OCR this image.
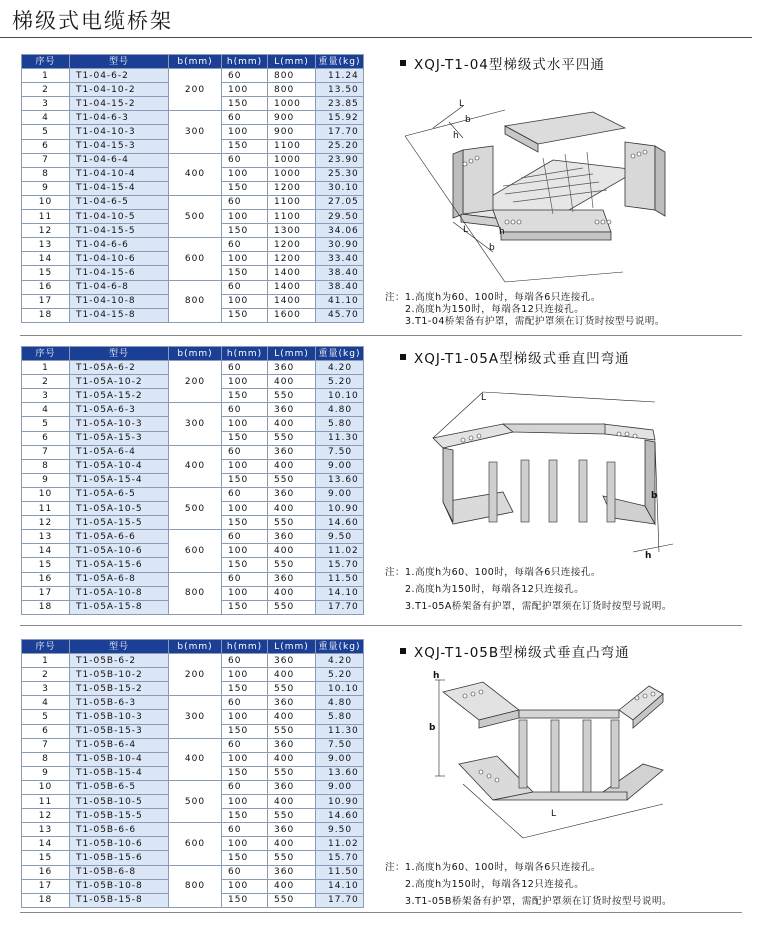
梯级式电缆桥架
序号	型号	b(mm)	h(mm)	L(mm)	重量(kg)
1	T1-04-6-2	200	60	800	11.24
2	T1-04-10-2		100	800	13.50
3	T1-04-15-2		150	1000	23.85
4	T1-04-6-3	300	60	900	15.92
5	T1-04-10-3		100	900	17.70
6	T1-04-15-3		150	1100	25.20
7	T1-04-6-4	400	60	1000	23.90
8	T1-04-10-4		100	1000	25.30
9	T1-04-15-4		150	1200	30.10
10	T1-04-6-5	500	60	1100	27.05
11	T1-04-10-5		100	1100	29.50
12	T1-04-15-5		150	1300	34.06
13	T1-04-6-6	600	60	1200	30.90
14	T1-04-10-6		100	1200	33.40
15	T1-04-15-6		150	1400	38.40
16	T1-04-6-8	800	60	1400	38.40
17	T1-04-10-8		100	1400	41.10
18	T1-04-15-8		150	1600	45.70
XQJ-T1-04型梯级式水平四通
L
b
h
L
b
h
注：1.高度h为60、100时，每端各6只连接孔。
2.高度h为150时，每端各12只连接孔。
3.T1-04桥架备有护罩，需配护罩须在订货时按型号说明。
序号	型号	b(mm)	h(mm)	L(mm)	重量(kg)
1	T1-05A-6-2	200	60	360	4.20
2	T1-05A-10-2		100	400	5.20
3	T1-05A-15-2		150	550	10.10
4	T1-05A-6-3	300	60	360	4.80
5	T1-05A-10-3		100	400	5.80
6	T1-05A-15-3		150	550	11.30
7	T1-05A-6-4	400	60	360	7.50
8	T1-05A-10-4		100	400	9.00
9	T1-05A-15-4		150	550	13.60
10	T1-05A-6-5	500	60	360	9.00
11	T1-05A-10-5		100	400	10.90
12	T1-05A-15-5		150	550	14.60
13	T1-05A-6-6	600	60	360	9.50
14	T1-05A-10-6		100	400	11.02
15	T1-05A-15-6		150	550	15.70
16	T1-05A-6-8	800	60	360	11.50
17	T1-05A-10-8		100	400	14.10
18	T1-05A-15-8		150	550	17.70
XQJ-T1-05A型梯级式垂直凹弯通
L
b
h
注：1.高度h为60、100时，每端各6只连接孔。
2.高度h为150时，每端各12只连接孔。
3.T1-05A桥架备有护罩，需配护罩须在订货时按型号说明。
序号	型号	b(mm)	h(mm)	L(mm)	重量(kg)
1	T1-05B-6-2	200	60	360	4.20
2	T1-05B-10-2		100	400	5.20
3	T1-05B-15-2		150	550	10.10
4	T1-05B-6-3	300	60	360	4.80
5	T1-05B-10-3		100	400	5.80
6	T1-05B-15-3		150	550	11.30
7	T1-05B-6-4	400	60	360	7.50
8	T1-05B-10-4		100	400	9.00
9	T1-05B-15-4		150	550	13.60
10	T1-05B-6-5	500	60	360	9.00
11	T1-05B-10-5		100	400	10.90
12	T1-05B-15-5		150	550	14.60
13	T1-05B-6-6	600	60	360	9.50
14	T1-05B-10-6		100	400	11.02
15	T1-05B-15-6		150	550	15.70
16	T1-05B-6-8	800	60	360	11.50
17	T1-05B-10-8		100	400	14.10
18	T1-05B-15-8		150	550	17.70
XQJ-T1-05B型梯级式垂直凸弯通
h
b
L
注：1.高度h为60、100时，每端各6只连接孔。
2.高度h为150时，每端各12只连接孔。
3.T1-05B桥架备有护罩，需配护罩须在订货时按型号说明。
